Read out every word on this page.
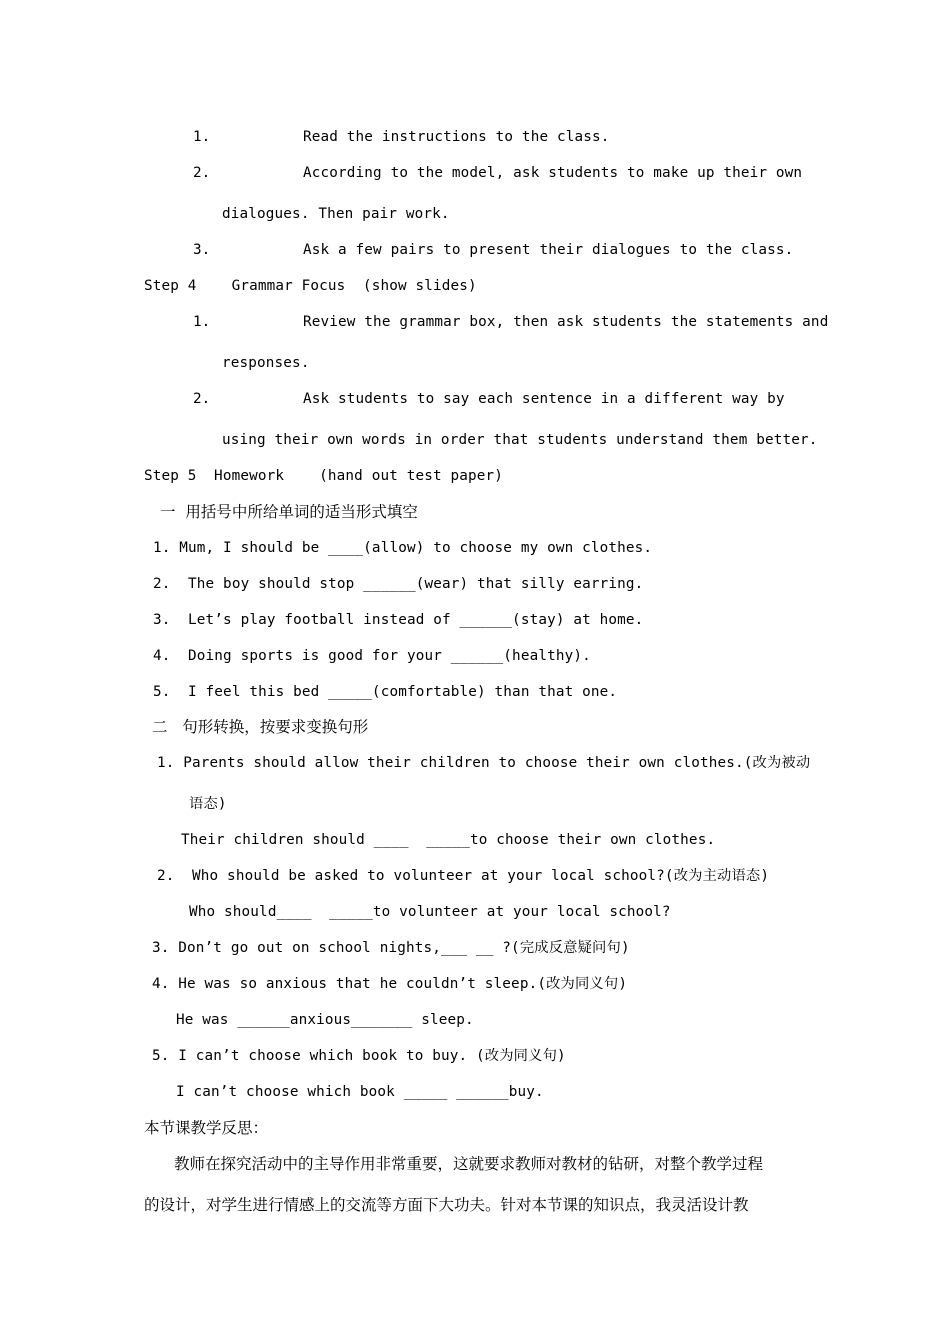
1.	Read the instructions to the class.
2.	According to the model, ask students to make up their own
dialogues. Then pair work.
3.	Ask a few pairs to present their dialogues to the class.
Step 4    Grammar Focus  (show slides)
1.	Review the grammar box, then ask students the statements and
responses.
2.	Ask students to say each sentence in a different way by
using their own words in order that students understand them better.
Step 5  Homework    (hand out test paper)
一  用括号中所给单词的适当形式填空
1. Mum, I should be ____(allow) to choose my own clothes.
2.  The boy should stop ______(wear) that silly earring.
3.  Let’s play football instead of ______(stay) at home.
4.  Doing sports is good for your ______(healthy).
5.  I feel this bed _____(comfortable) than that one.
二   句形转换，按要求变换句形
1. Parents should allow their children to choose their own clothes.(改为被动
语态)
Their children should ____  _____to choose their own clothes.
2.  Who should be asked to volunteer at your local school?(改为主动语态)
Who should____  _____to volunteer at your local school?
3. Don’t go out on school nights,___ __ ?(完成反意疑问句)
4. He was so anxious that he couldn’t sleep.(改为同义句)
He was ______anxious_______ sleep.
5. I can’t choose which book to buy. (改为同义句)
I can’t choose which book _____ ______buy.
本节课教学反思：
教师在探究活动中的主导作用非常重要，这就要求教师对教材的钻研，对整个教学过程
的设计，对学生进行情感上的交流等方面下大功夫。针对本节课的知识点，我灵活设计教
